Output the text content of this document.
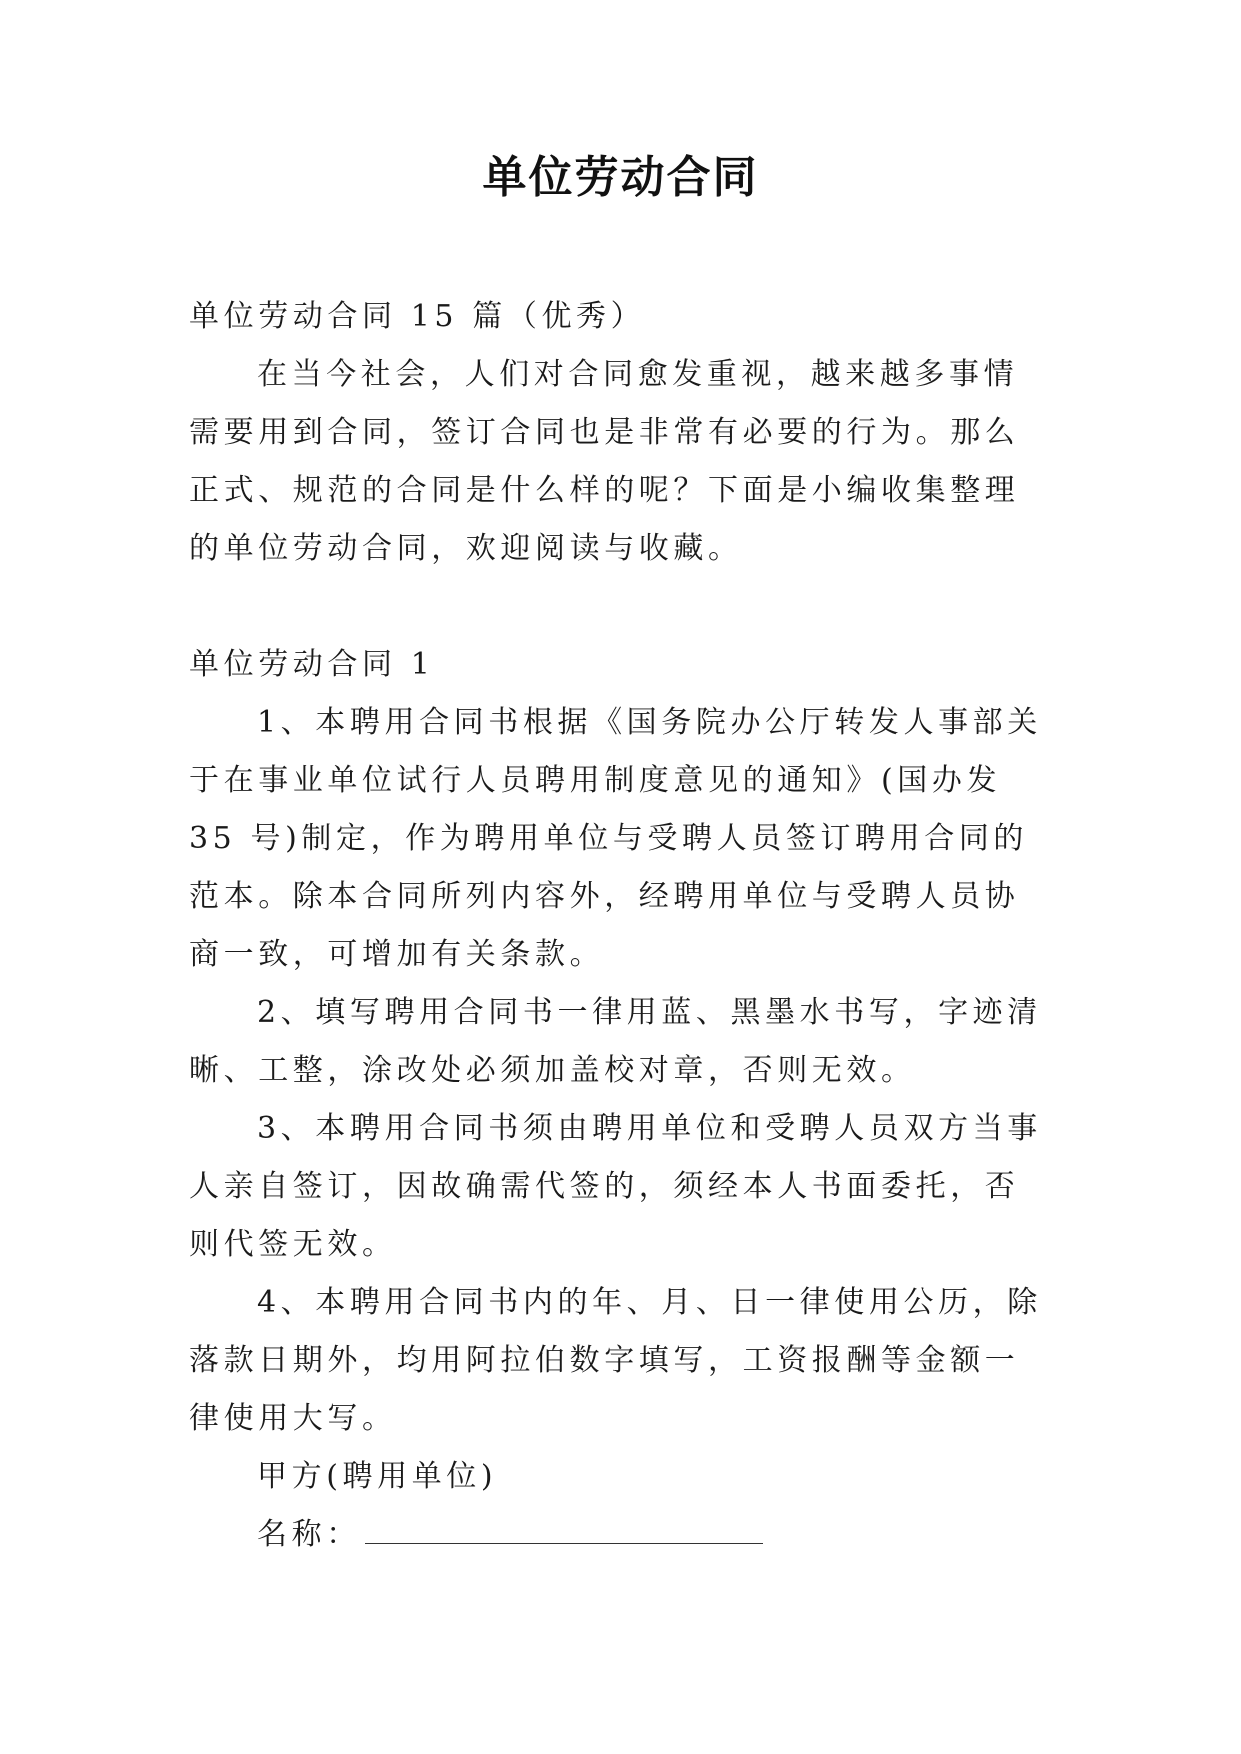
单位劳动合同

单位劳动合同 15 篇（优秀）

在当今社会，人们对合同愈发重视，越来越多事情需要用到合同，签订合同也是非常有必要的行为。那么正式、规范的合同是什么样的呢？下面是小编收集整理的单位劳动合同，欢迎阅读与收藏。

单位劳动合同 1

1、本聘用合同书根据《国务院办公厅转发人事部关于在事业单位试行人员聘用制度意见的通知》(国办发 35 号)制定，作为聘用单位与受聘人员签订聘用合同的范本。除本合同所列内容外，经聘用单位与受聘人员协商一致，可增加有关条款。

2、填写聘用合同书一律用蓝、黑墨水书写，字迹清晰、工整，涂改处必须加盖校对章，否则无效。

3、本聘用合同书须由聘用单位和受聘人员双方当事人亲自签订，因故确需代签的，须经本人书面委托，否则代签无效。

4、本聘用合同书内的年、月、日一律使用公历，除落款日期外，均用阿拉伯数字填写，工资报酬等金额一律使用大写。

甲方(聘用单位)

名称：
